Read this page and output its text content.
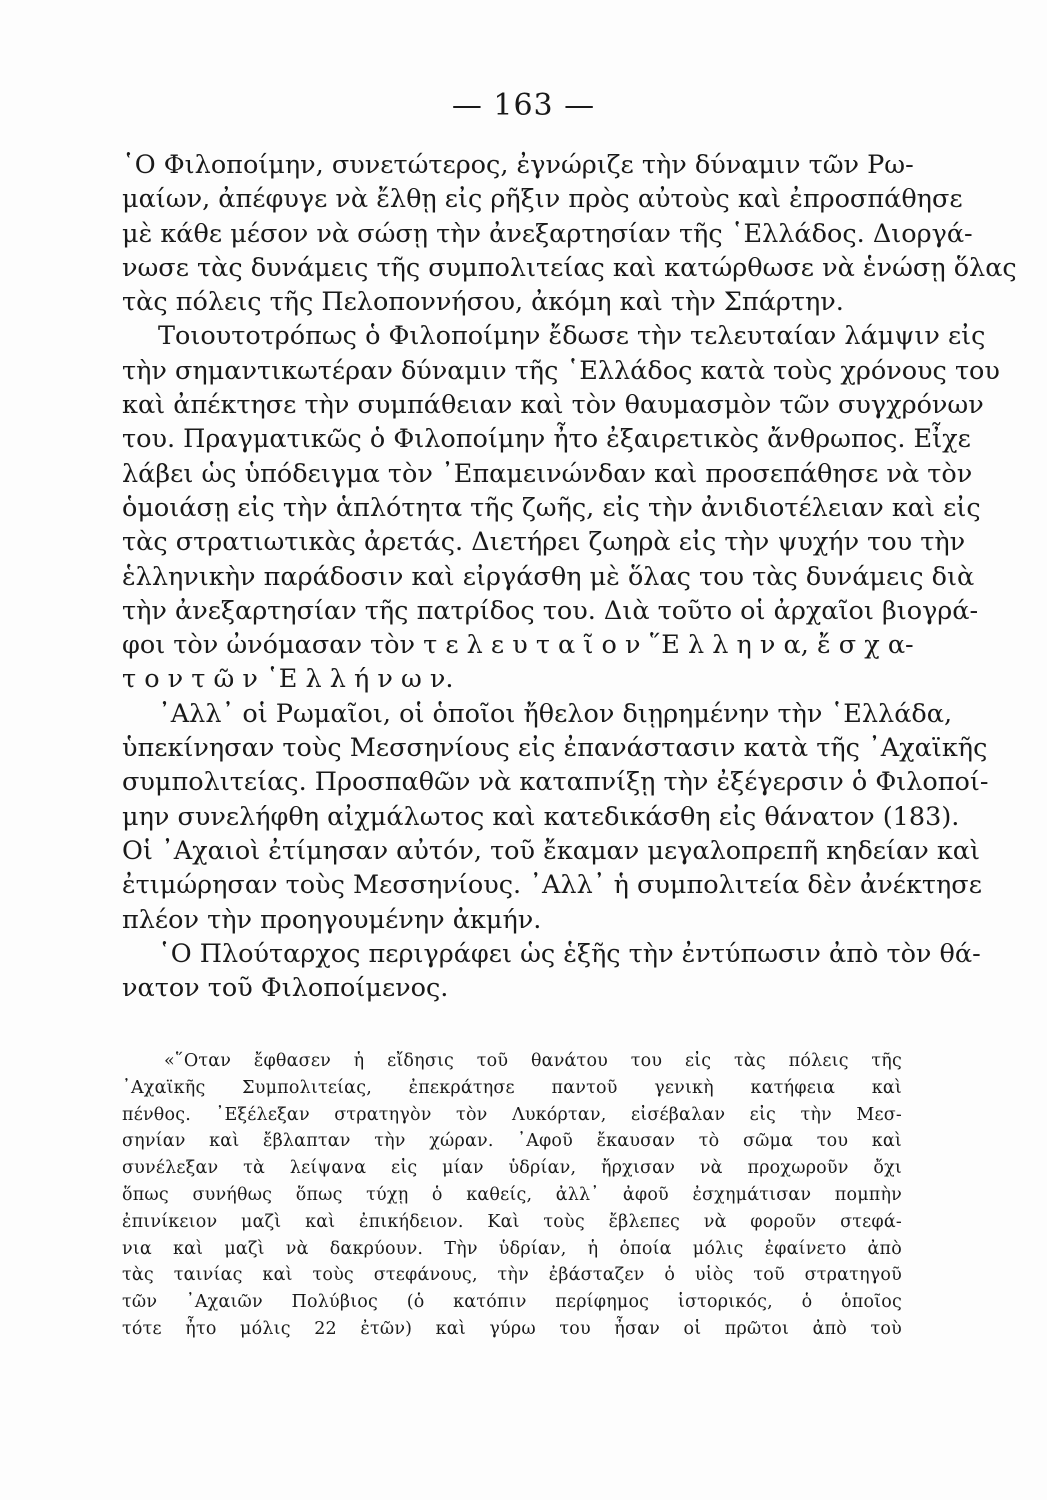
— 163 —
῾Ο Φιλοποίμην, συνετώτερος, ἐγνώριζε τὴν δύναμιν τῶν Ρω-
μαίων, ἀπέφυγε νὰ ἔλθῃ εἰς ρῆξιν πρὸς αὐτοὺς καὶ ἐπροσπάθησε
μὲ κάθε μέσον νὰ σώσῃ τὴν ἀνεξαρτησίαν τῆς ῾Ελλάδος. Διοργά-
νωσε τὰς δυνάμεις τῆς συμπολιτείας καὶ κατώρθωσε νὰ ἑνώσῃ ὅλας
τὰς πόλεις τῆς Πελοποννήσου, ἀκόμη καὶ τὴν Σπάρτην.
Τοιουτοτρόπως ὁ Φιλοποίμην ἔδωσε τὴν τελευταίαν λάμψιν εἰς
τὴν σημαντικωτέραν δύναμιν τῆς ῾Ελλάδος κατὰ τοὺς χρόνους του
καὶ ἀπέκτησε τὴν συμπάθειαν καὶ τὸν θαυμασμὸν τῶν συγχρόνων
του. Πραγματικῶς ὁ Φιλοποίμην ἦτο ἐξαιρετικὸς ἄνθρωπος. Εἶχε
λάβει ὡς ὑπόδειγμα τὸν ᾿Επαμεινώνδαν καὶ προσεπάθησε νὰ τὸν
ὁμοιάσῃ εἰς τὴν ἁπλότητα τῆς ζωῆς, εἰς τὴν ἀνιδιοτέλειαν καὶ εἰς
τὰς στρατιωτικὰς ἀρετάς. Διετήρει ζωηρὰ εἰς τὴν ψυχήν του τὴν
ἑλληνικὴν παράδοσιν καὶ εἰργάσθη μὲ ὅλας του τὰς δυνάμεις διὰ
τὴν ἀνεξαρτησίαν τῆς πατρίδος του. Διὰ τοῦτο οἱ ἀρχαῖοι βιογρά-
φοι τὸν ὠνόμασαν τὸν τ ε λ ε υ τ α ῖ ο ν ῞Ε λ λ η ν α, ἔ σ χ α-
τ ο ν τ ῶ ν ῾Ε λ λ ή ν ω ν.
᾿Αλλ᾿ οἱ Ρωμαῖοι, οἱ ὁποῖοι ἤθελον διῃρημένην τὴν ῾Ελλάδα,
ὑπεκίνησαν τοὺς Μεσσηνίους εἰς ἐπανάστασιν κατὰ τῆς ᾿Αχαϊκῆς
συμπολιτείας. Προσπαθῶν νὰ καταπνίξῃ τὴν ἐξέγερσιν ὁ Φιλοποί-
μην συνελήφθη αἰχμάλωτος καὶ κατεδικάσθη εἰς θάνατον (183).
Οἱ ᾿Αχαιοὶ ἐτίμησαν αὐτόν, τοῦ ἔκαμαν μεγαλοπρεπῆ κηδείαν καὶ
ἐτιμώρησαν τοὺς Μεσσηνίους. ᾿Αλλ᾿ ἡ συμπολιτεία δὲν ἀνέκτησε
πλέον τὴν προηγουμένην ἀκμήν.
῾Ο Πλούταρχος περιγράφει ὡς ἑξῆς τὴν ἐντύπωσιν ἀπὸ τὸν θά-
νατον τοῦ Φιλοποίμενος.
«῞Οταν ἔφθασεν ἡ εἴδησις τοῦ θανάτου του εἰς τὰς πόλεις τῆς
᾿Αχαϊκῆς Συμπολιτείας, ἐπεκράτησε παντοῦ γενικὴ κατήφεια καὶ
πένθος. ᾿Εξέλεξαν στρατηγὸν τὸν Λυκόρταν, εἰσέβαλαν εἰς τὴν Μεσ-
σηνίαν καὶ ἔβλαπταν τὴν χώραν. ᾿Αφοῦ ἔκαυσαν τὸ σῶμα του καὶ
συνέλεξαν τὰ λείψανα εἰς μίαν ὑδρίαν, ἤρχισαν νὰ προχωροῦν ὄχι
ὅπως συνήθως ὅπως τύχῃ ὁ καθείς, ἀλλ᾿ ἀφοῦ ἐσχημάτισαν πομπὴν
ἐπινίκειον μαζὶ καὶ ἐπικήδειον. Καὶ τοὺς ἔβλεπες νὰ φοροῦν στεφά-
νια καὶ μαζὶ νὰ δακρύουν. Τὴν ὑδρίαν, ἡ ὁποία μόλις ἐφαίνετο ἀπὸ
τὰς ταινίας καὶ τοὺς στεφάνους, τὴν ἐβάσταζεν ὁ υἱὸς τοῦ στρατηγοῦ
τῶν ᾿Αχαιῶν Πολύβιος (ὁ κατόπιν περίφημος ἱστορικός, ὁ ὁποῖος
τότε ἦτο μόλις 22 ἐτῶν) καὶ γύρω του ἦσαν οἱ πρῶτοι ἀπὸ τοὺ
